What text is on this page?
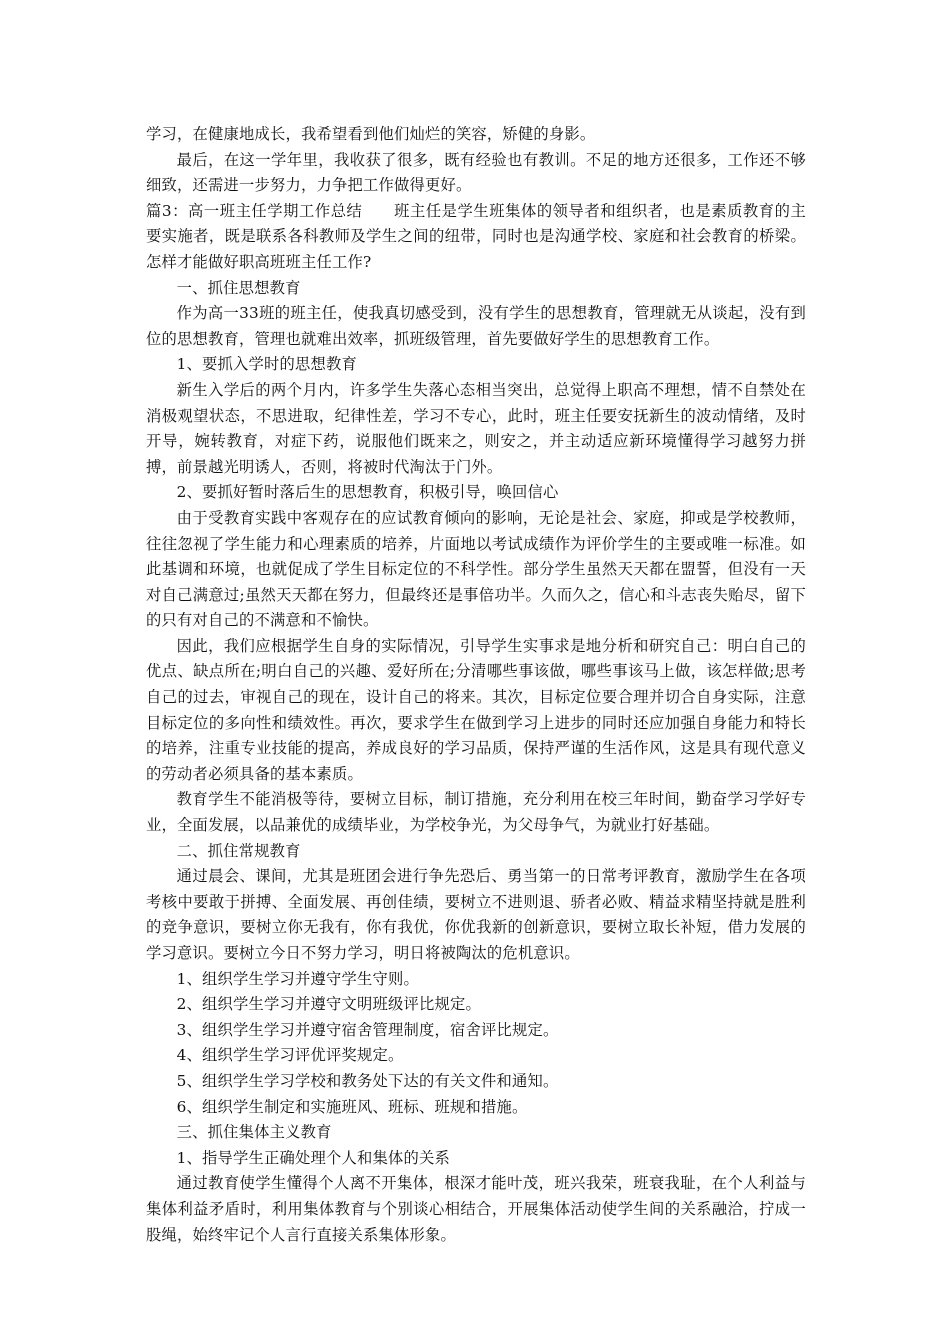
学习，在健康地成长，我希望看到他们灿烂的笑容，矫健的身影。

最后，在这一学年里，我收获了很多，既有经验也有教训。不足的地方还很多，工作还不够细致，还需进一步努力，力争把工作做得更好。

篇3：高一班主任学期工作总结　　班主任是学生班集体的领导者和组织者，也是素质教育的主要实施者，既是联系各科教师及学生之间的纽带，同时也是沟通学校、家庭和社会教育的桥梁。怎样才能做好职高班班主任工作?

一、抓住思想教育

作为高一33班的班主任，使我真切感受到，没有学生的思想教育，管理就无从谈起，没有到位的思想教育，管理也就难出效率，抓班级管理，首先要做好学生的思想教育工作。

1、要抓入学时的思想教育

新生入学后的两个月内，许多学生失落心态相当突出，总觉得上职高不理想，情不自禁处在消极观望状态，不思进取，纪律性差，学习不专心，此时，班主任要安抚新生的波动情绪，及时开导，婉转教育，对症下药，说服他们既来之，则安之，并主动适应新环境懂得学习越努力拼搏，前景越光明诱人，否则，将被时代淘汰于门外。

2、要抓好暂时落后生的思想教育，积极引导，唤回信心

由于受教育实践中客观存在的应试教育倾向的影响，无论是社会、家庭，抑或是学校教师，往往忽视了学生能力和心理素质的培养，片面地以考试成绩作为评价学生的主要或唯一标准。如此基调和环境，也就促成了学生目标定位的不科学性。部分学生虽然天天都在盟誓，但没有一天对自己满意过;虽然天天都在努力，但最终还是事倍功半。久而久之，信心和斗志丧失贻尽，留下的只有对自己的不满意和不愉快。

因此，我们应根据学生自身的实际情况，引导学生实事求是地分析和研究自己：明白自己的优点、缺点所在;明白自己的兴趣、爱好所在;分清哪些事该做，哪些事该马上做，该怎样做;思考自己的过去，审视自己的现在，设计自己的将来。其次，目标定位要合理并切合自身实际，注意目标定位的多向性和绩效性。再次，要求学生在做到学习上进步的同时还应加强自身能力和特长的培养，注重专业技能的提高，养成良好的学习品质，保持严谨的生活作风，这是具有现代意义的劳动者必须具备的基本素质。

教育学生不能消极等待，要树立目标，制订措施，充分利用在校三年时间，勤奋学习学好专业，全面发展，以品兼优的成绩毕业，为学校争光，为父母争气，为就业打好基础。

二、抓住常规教育

通过晨会、课间，尤其是班团会进行争先恐后、勇当第一的日常考评教育，激励学生在各项考核中要敢于拼搏、全面发展、再创佳绩，要树立不进则退、骄者必败、精益求精坚持就是胜利的竞争意识，要树立你无我有，你有我优，你优我新的创新意识，要树立取长补短，借力发展的学习意识。要树立今日不努力学习，明日将被陶汰的危机意识。

1、组织学生学习并遵守学生守则。

2、组织学生学习并遵守文明班级评比规定。

3、组织学生学习并遵守宿舍管理制度，宿舍评比规定。

4、组织学生学习评优评奖规定。

5、组织学生学习学校和教务处下达的有关文件和通知。

6、组织学生制定和实施班风、班标、班规和措施。

三、抓住集体主义教育

1、指导学生正确处理个人和集体的关系

通过教育使学生懂得个人离不开集体，根深才能叶茂，班兴我荣，班衰我耻，在个人利益与集体利益矛盾时，利用集体教育与个别谈心相结合，开展集体活动使学生间的关系融洽，拧成一股绳，始终牢记个人言行直接关系集体形象。
